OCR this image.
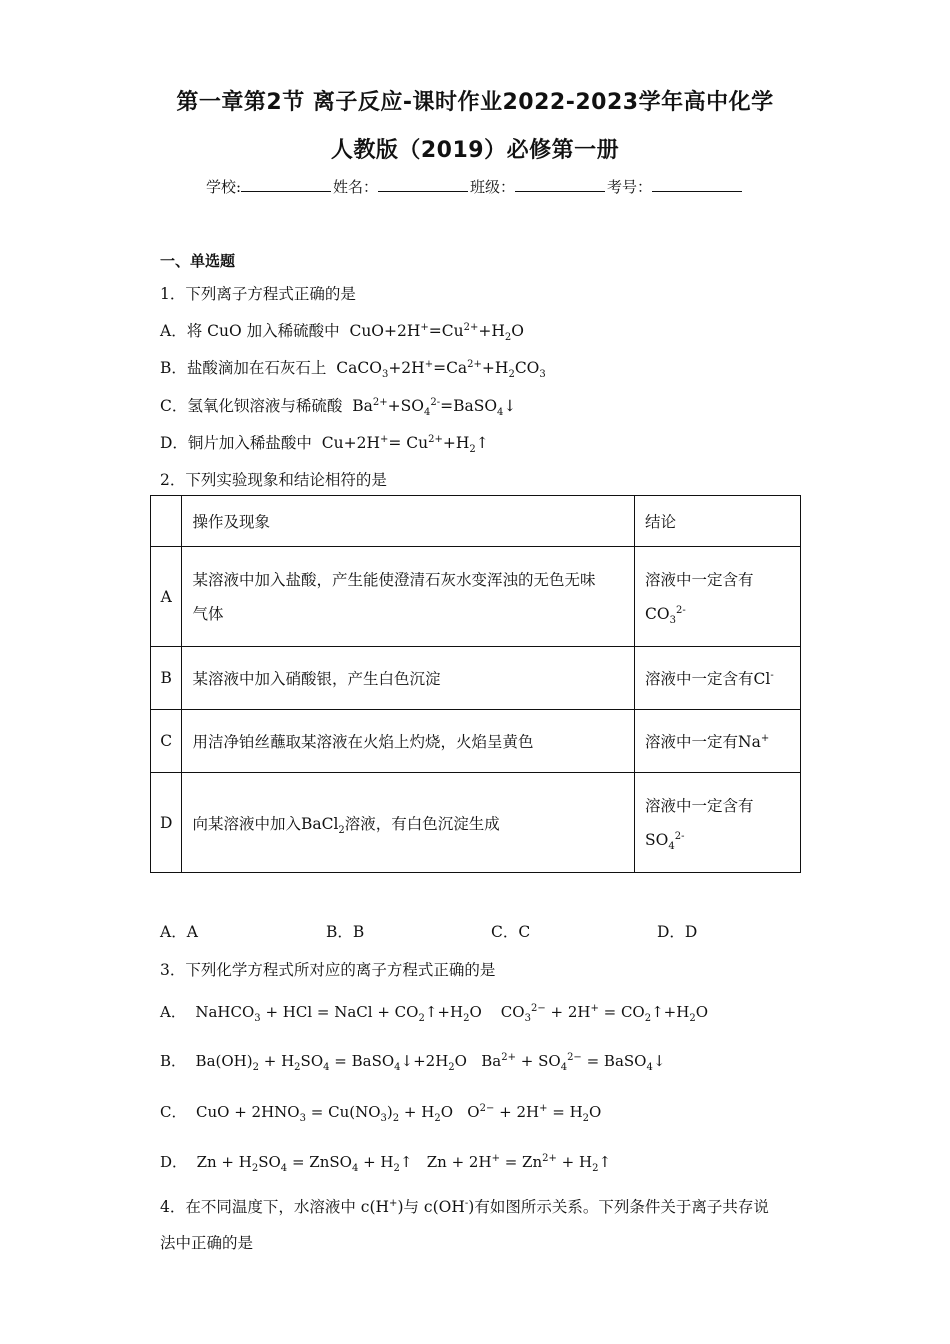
第一章第2节 离子反应-课时作业2022-2023学年高中化学
人教版（2019）必修第一册
学校:	姓名：	班级：	考号：
一、单选题
1．下列离子方程式正确的是
A．将 CuO 加入稀硫酸中  $CuO+2H^+=Cu^{2+}+H_2O$
B．盐酸滴加在石灰石上  $CaCO_3+2H^+=Ca^{2+}+H_2CO_3$
C．氢氧化钡溶液与稀硫酸  $Ba^{2+}+SO_4^{2-}=BaSO_4↓$
D．铜片加入稀盐酸中  $Cu+2H^+= Cu^{2+}+H_2↑$
2．下列实验现象和结论相符的是
	操作及现象	结论
A	某溶液中加入盐酸，产生能使澄清石灰水变浑浊的无色无味
气体	溶液中一定含有
$CO_3^{2-}$
B	某溶液中加入硝酸银，产生白色沉淀	溶液中一定含有Cl-
C	用洁净铂丝蘸取某溶液在火焰上灼烧，火焰呈黄色	溶液中一定有Na+
D	向某溶液中加入BaCl$_2$溶液，有白色沉淀生成	溶液中一定含有
$SO_4^{2-}$
A．A	B．B	C．C	D．D
3．下列化学方程式所对应的离子方程式正确的是
A．  NaHCO$_3$ + HCl = NaCl + $CO_2↑+H_2O$    $CO_3^{2-} + 2H^+$ = $CO_2↑+H_2O$
B．  $Ba(OH)_2 + H_2SO_4$ = $BaSO_4↓+2H_2O$   $Ba^{2+} + SO_4^{2-}$ = BaSO$_4$↓
C．  CuO + $2HNO_3 = Cu(NO_3)_2 + H_2O$   $O^{2-} + 2H^+ = H_2O$
D．  $Zn + H_2SO_4$ = ZnSO$_4$ + $H_2↑$   $Zn + 2H^+ = Zn^{2+}$ + $H_2↑$
4．在不同温度下，水溶液中 c(H+)与 c(OH-)有如图所示关系。下列条件关于离子共存说
法中正确的是
